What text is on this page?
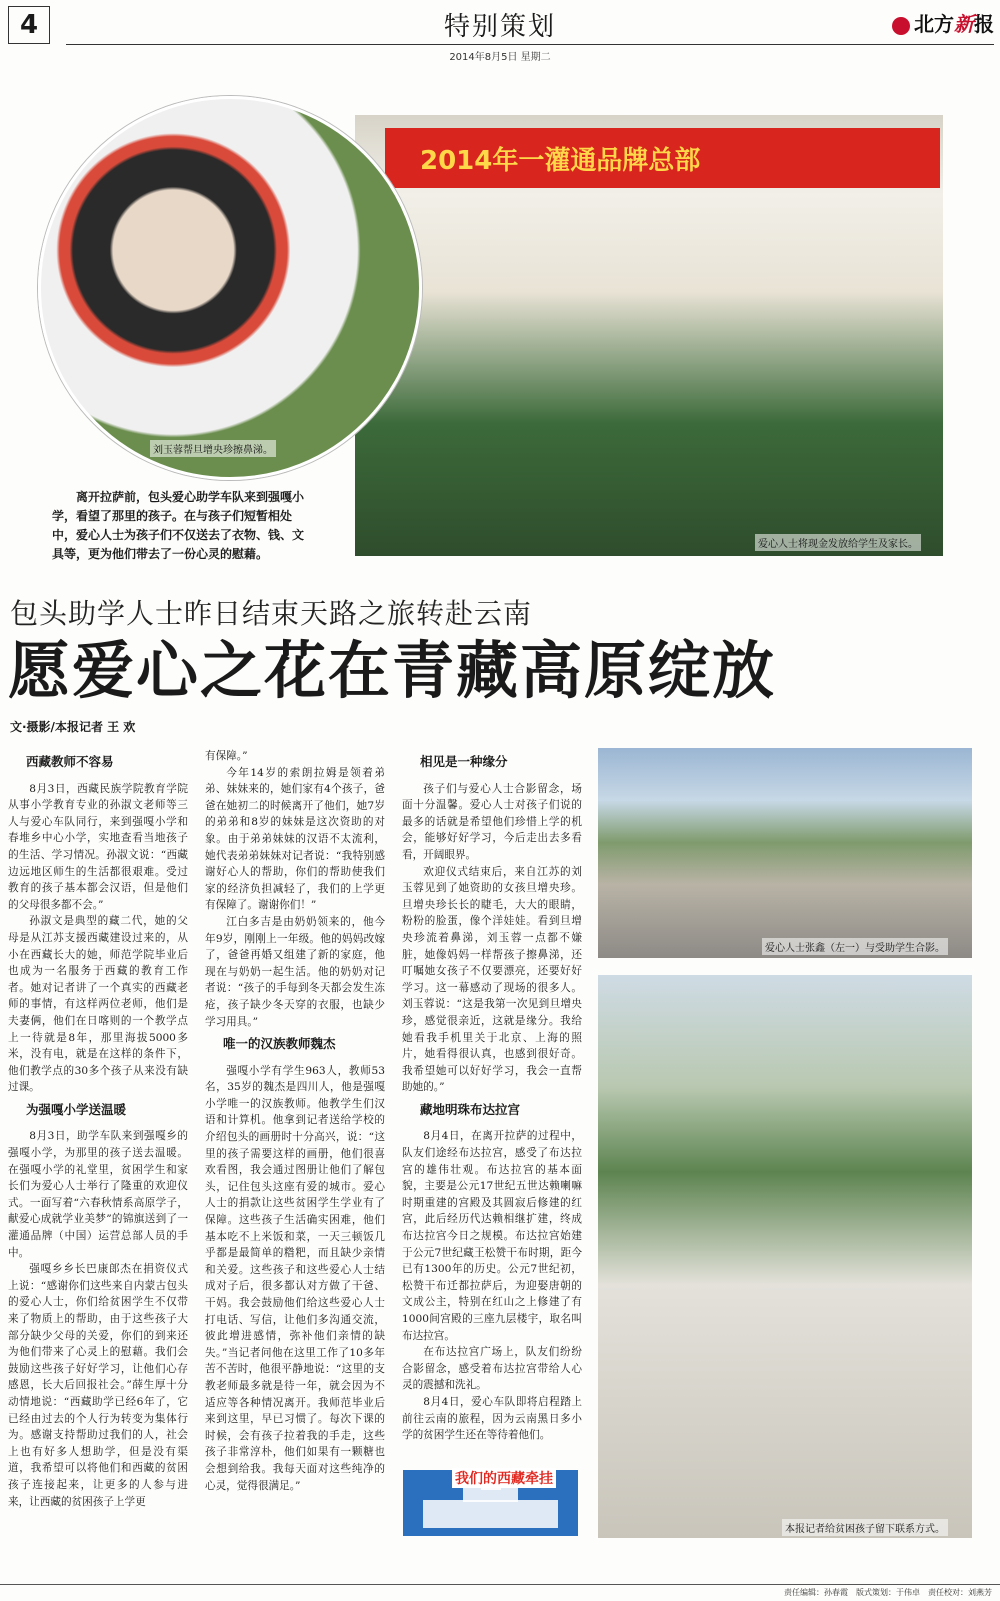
4	特别策划	北方新报
2014年8月5日 星期二
2014年一灌通品牌总部
爱心人士将现金发放给学生及家长。
刘玉蓉帮旦增央珍擦鼻涕。
离开拉萨前，包头爱心助学车队来到强嘎小学，看望了那里的孩子。在与孩子们短暂相处中，爱心人士为孩子们不仅送去了衣物、钱、文具等，更为他们带去了一份心灵的慰藉。
爱心人士张鑫（左一）与受助学生合影。
本报记者给贫困孩子留下联系方式。
包头助学人士昨日结束天路之旅转赴云南
愿爱心之花在青藏高原绽放
文·摄影/本报记者 王 欢
西藏教师不容易

8月3日，西藏民族学院教育学院从事小学教育专业的孙淑文老师等三人与爱心车队同行，来到强嘎小学和春堆乡中心小学，实地查看当地孩子的生活、学习情况。孙淑文说：“西藏边远地区师生的生活都很艰难。受过教育的孩子基本都会汉语，但是他们的父母很多都不会。”

孙淑文是典型的藏二代，她的父母是从江苏支援西藏建设过来的，从小在西藏长大的她，师范学院毕业后也成为一名服务于西藏的教育工作者。她对记者讲了一个真实的西藏老师的事情，有这样两位老师，他们是夫妻俩，他们在日喀则的一个教学点上一待就是8年，那里海拔5000多米，没有电，就是在这样的条件下，他们教学点的30多个孩子从来没有缺过课。

为强嘎小学送温暖

8月3日，助学车队来到强嘎乡的强嘎小学，为那里的孩子送去温暖。在强嘎小学的礼堂里，贫困学生和家长们为爱心人士举行了隆重的欢迎仪式。一面写着“六春秋情系高原学子，献爱心成就学业美梦”的锦旗送到了一灌通品牌（中国）运营总部人员的手中。

强嘎乡乡长巴康郎杰在捐资仪式上说：“感谢你们这些来自内蒙古包头的爱心人士，你们给贫困学生不仅带来了物质上的帮助，由于这些孩子大部分缺少父母的关爱，你们的到来还为他们带来了心灵上的慰藉。我们会鼓励这些孩子好好学习，让他们心存感恩，长大后回报社会。”薛生厚十分动情地说：“西藏助学已经6年了，它已经由过去的个人行为转变为集体行为。感谢支持帮助过我们的人，社会上也有好多人想助学，但是没有渠道，我希望可以将他们和西藏的贫困孩子连接起来，让更多的人参与进来，让西藏的贫困孩子上学更

有保障。”

今年14岁的索朗拉姆是领着弟弟、妹妹来的，她们家有4个孩子，爸爸在她初二的时候离开了他们，她7岁的弟弟和8岁的妹妹是这次资助的对象。由于弟弟妹妹的汉语不太流利，她代表弟弟妹妹对记者说：“我特别感谢好心人的帮助，你们的帮助使我们家的经济负担减轻了，我们的上学更有保障了。谢谢你们！”

江白多吉是由奶奶领来的，他今年9岁，刚刚上一年级。他的妈妈改嫁了，爸爸再婚又组建了新的家庭，他现在与奶奶一起生活。他的奶奶对记者说：“孩子的手每到冬天都会发生冻疮，孩子缺少冬天穿的衣服，也缺少学习用具。”

唯一的汉族教师魏杰

强嘎小学有学生963人，教师53名，35岁的魏杰是四川人，他是强嘎小学唯一的汉族教师。他教学生们汉语和计算机。他拿到记者送给学校的介绍包头的画册时十分高兴，说：“这里的孩子需要这样的画册，他们很喜欢看图，我会通过图册让他们了解包头，记住包头这座有爱的城市。爱心人士的捐款让这些贫困学生学业有了保障。这些孩子生活确实困难，他们基本吃不上米饭和菜，一天三顿饭几乎都是最简单的糌粑，而且缺少亲情和关爱。这些孩子和这些爱心人士结成对子后，很多都认对方做了干爸、干妈。我会鼓励他们给这些爱心人士打电话、写信，让他们多沟通交流，彼此增进感情，弥补他们亲情的缺失。”当记者问他在这里工作了10多年苦不苦时，他很平静地说：“这里的支教老师最多就是待一年，就会因为不适应等各种情况离开。我师范毕业后来到这里，早已习惯了。每次下课的时候，会有孩子拉着我的手走，这些孩子非常淳朴，他们如果有一颗糖也会想到给我。我每天面对这些纯净的心灵，觉得很满足。”

相见是一种缘分

孩子们与爱心人士合影留念，场面十分温馨。爱心人士对孩子们说的最多的话就是希望他们珍惜上学的机会，能够好好学习，今后走出去多看看，开阔眼界。

欢迎仪式结束后，来自江苏的刘玉蓉见到了她资助的女孩旦增央珍。旦增央珍长长的睫毛，大大的眼睛，粉粉的脸蛋，像个洋娃娃。看到旦增央珍流着鼻涕，刘玉蓉一点都不嫌脏，她像妈妈一样帮孩子擦鼻涕，还叮嘱她女孩子不仅要漂亮，还要好好学习。这一幕感动了现场的很多人。刘玉蓉说：“这是我第一次见到旦增央珍，感觉很亲近，这就是缘分。我给她看我手机里关于北京、上海的照片，她看得很认真，也感到很好奇。我希望她可以好好学习，我会一直帮助她的。”

藏地明珠布达拉宫

8月4日，在离开拉萨的过程中，队友们途经布达拉宫，感受了布达拉宫的雄伟壮观。布达拉宫的基本面貌，主要是公元17世纪五世达赖喇嘛时期重建的宫殿及其圆寂后修建的红宫，此后经历代达赖相继扩建，终成布达拉宫今日之规模。布达拉宫始建于公元7世纪藏王松赞干布时期，距今已有1300年的历史。公元7世纪初，松赞干布迁都拉萨后，为迎娶唐朝的文成公主，特别在红山之上修建了有1000间宫殿的三座九层楼宇，取名叫布达拉宫。

在布达拉宫广场上，队友们纷纷合影留念，感受着布达拉宫带给人心灵的震撼和洗礼。

8月4日，爱心车队即将启程踏上前往云南的旅程，因为云南黑日多小学的贫困学生还在等待着他们。

我们的西藏牵挂
责任编辑：孙春霞　版式策划：于伟卓　责任校对：刘燕芳
